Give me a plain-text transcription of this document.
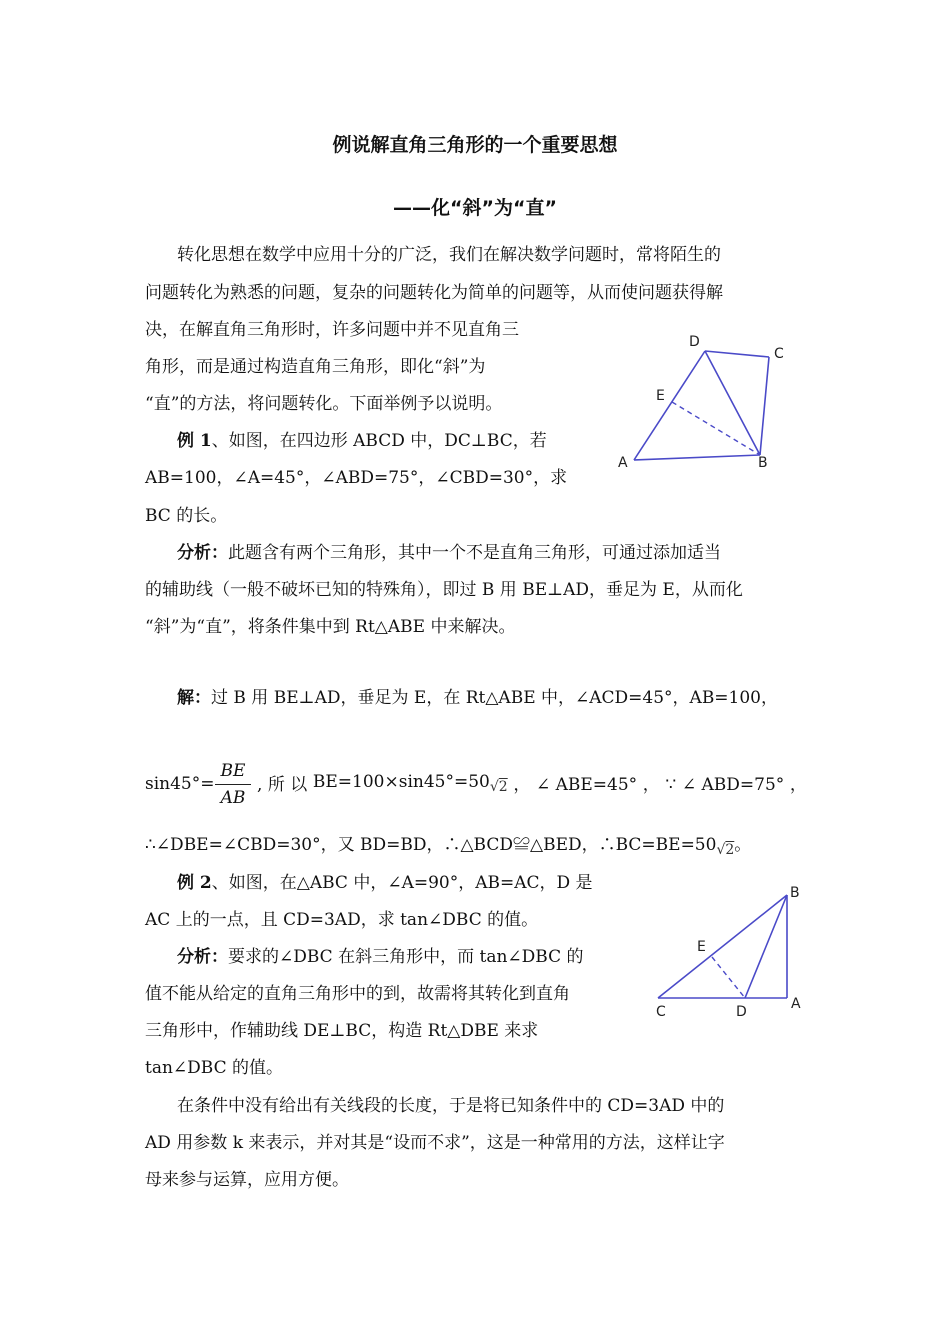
例说解直角三角形的一个重要思想
——化“斜”为“直”
转化思想在数学中应用十分的广泛，我们在解决数学问题时，常将陌生的
问题转化为熟悉的问题，复杂的问题转化为简单的问题等，从而使问题获得解
决，在解直角三角形时，许多问题中并不见直角三
角形，而是通过构造直角三角形，即化“斜”为
“直”的方法，将问题转化。下面举例予以说明。
例 1、如图，在四边形 ABCD 中，DC⊥BC，若
AB=100，∠A=45°，∠ABD=75°，∠CBD=30°，求
BC 的长。
A	B
C
D
E
分析：此题含有两个三角形，其中一个不是直角三角形，可通过添加适当
的辅助线（一般不破坏已知的特殊角），即过 B 用 BE⊥AD，垂足为 E，从而化
“斜”为“直”，将条件集中到 Rt△ABE 中来解决。
解：过 B 用 BE⊥AD，垂足为 E，在 Rt△ABE 中，∠ACD=45°，AB=100，
$\sin 45^\circ= \frac{BE}{AB}$ , 所 以 $BE=100\times\sin 45^\circ=50_{√2}$ ， ∠ ABE=45° ， ∵ ∠ ABD=75° ，
∴∠DBE=∠CBD=30°，又 BD=BD，∴△BCD≌△BED，$\therefore BC=BE=50_{√2}$。
例 2、如图，在△ABC 中，∠A=90°，AB=AC，D 是
AC 上的一点，且 CD=3AD，求 tan∠DBC 的值。
分析：要求的∠DBC 在斜三角形中，而 tan∠DBC 的
值不能从给定的直角三角形中的到，故需将其转化到直角
三角形中，作辅助线 DE⊥BC，构造 Rt△DBE 来求
tan∠DBC 的值。
B
A
C	D
E
在条件中没有给出有关线段的长度，于是将已知条件中的 CD=3AD 中的
AD 用参数 k 来表示，并对其是“设而不求”，这是一种常用的方法，这样让字
母来参与运算，应用方便。
